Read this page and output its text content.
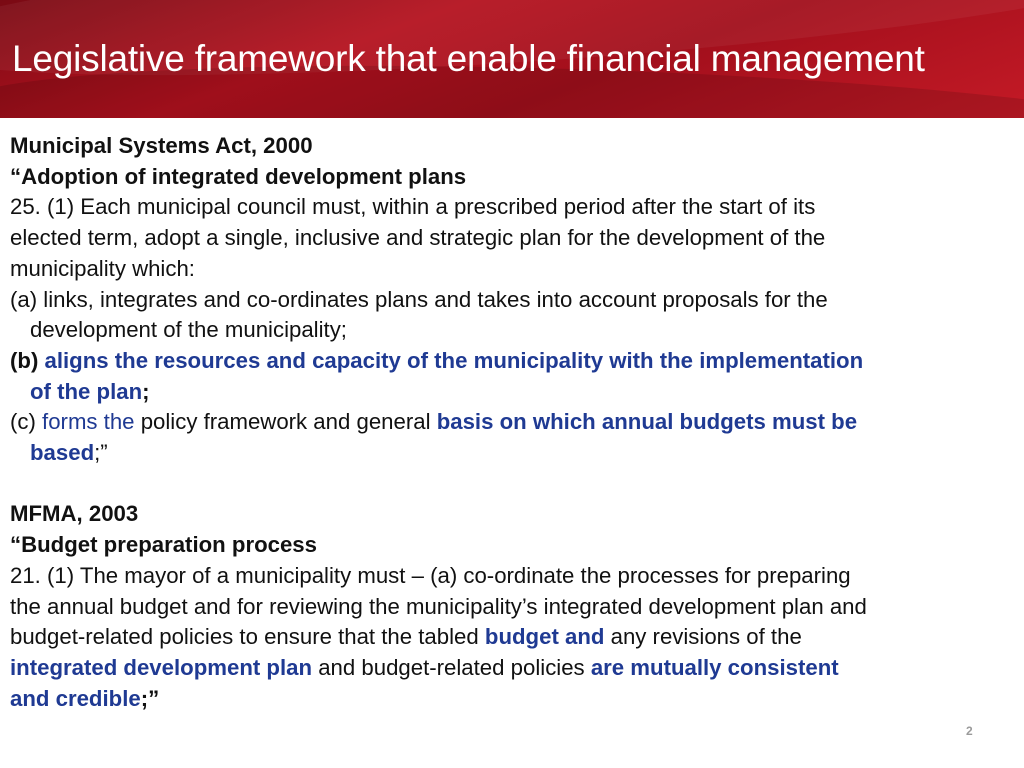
Legislative framework that enable financial management
Municipal Systems Act, 2000
“Adoption of integrated development plans
25. (1) Each municipal council must, within a prescribed period after the start of its
elected term, adopt a single, inclusive and strategic plan for the development of the
municipality which:
(a) links, integrates and co-ordinates plans and takes into account proposals for the
development of the municipality;
(b) aligns the resources and capacity of the municipality with the implementation
of the plan;
(c) forms the policy framework and general basis on which annual budgets must be
based;”
MFMA, 2003
“Budget preparation process
21. (1) The mayor of a municipality must – (a) co-ordinate the processes for preparing
the annual budget and for reviewing the municipality’s integrated development plan and
budget-related policies to ensure that the tabled budget and any revisions of the
integrated development plan and budget-related policies are mutually consistent
and credible;”
2
